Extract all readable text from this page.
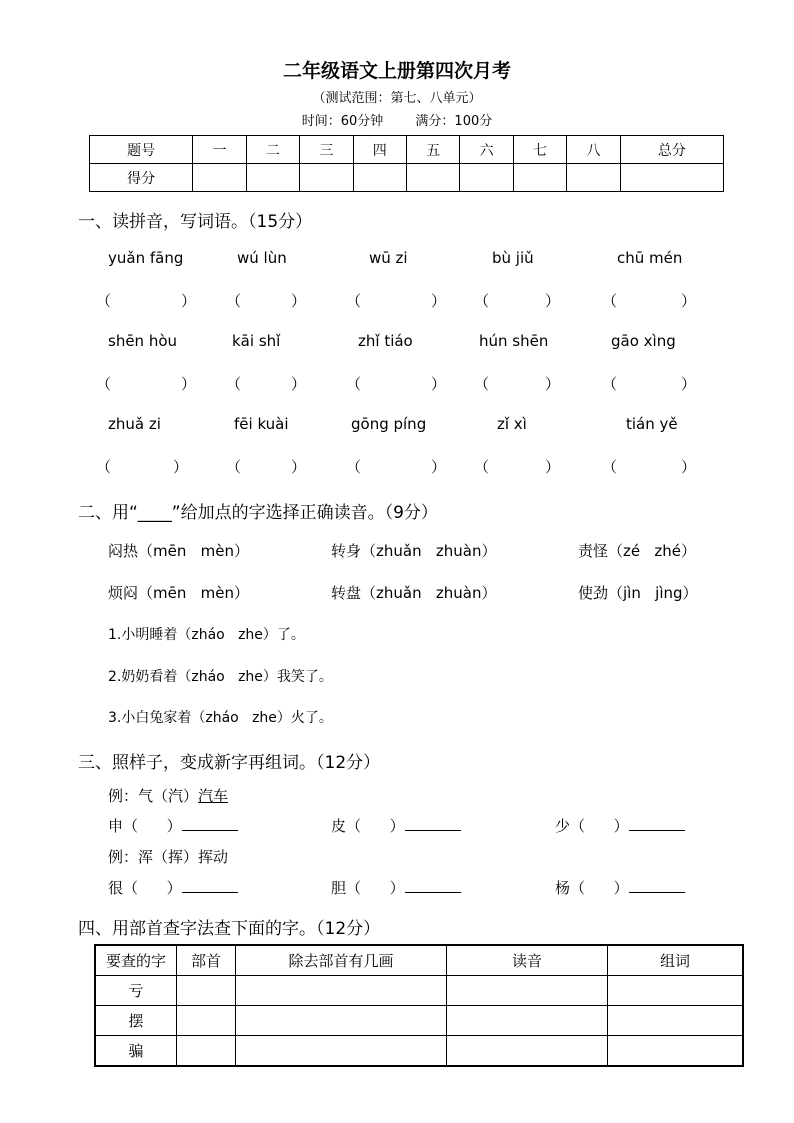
二年级语文上册第四次月考
（测试范围：第七、八单元）
时间：60分钟 满分：100分
题号	一	二	三	四	五	六	七	八	总分
得分									
一、读拼音，写词语。（15分）
yuǎn fāng	wú lùn	wū zi	bù jiǔ	chū mén
（	） （	）	（	） （	）	（	）
shēn hòu	kāi shǐ	zhǐ tiáo	hún shēn	gāo xìng
（	） （	）	（	） （	）	（	）
zhuǎ zi	fēi kuài	gōng píng	zǐ xì	tián yě
（	）	（	）	（	） （	）	（	）
二、用“____”给加点的字选择正确读音。（9分）
闷热（mēn   mèn）	转身（zhuǎn   zhuàn）	责怪（zé   zhé）
烦闷（mēn   mèn）	转盘（zhuǎn   zhuàn）	使劲（jìn   jìng）
1.小明睡着（zháo   zhe）了。
2.奶奶看着（zháo   zhe）我笑了。
3.小白兔家着（zháo   zhe）火了。
三、照样子，变成新字再组词。（12分）
例：气（汽）汽车
申（      ）	皮（      ）	少（      ）
例：浑（挥）挥动
很（      ）	胆（      ）	杨（      ）
四、用部首查字法查下面的字。（12分）
要查的字	部首	除去部首有几画	读音	组词
亏				
摆				
骗				
